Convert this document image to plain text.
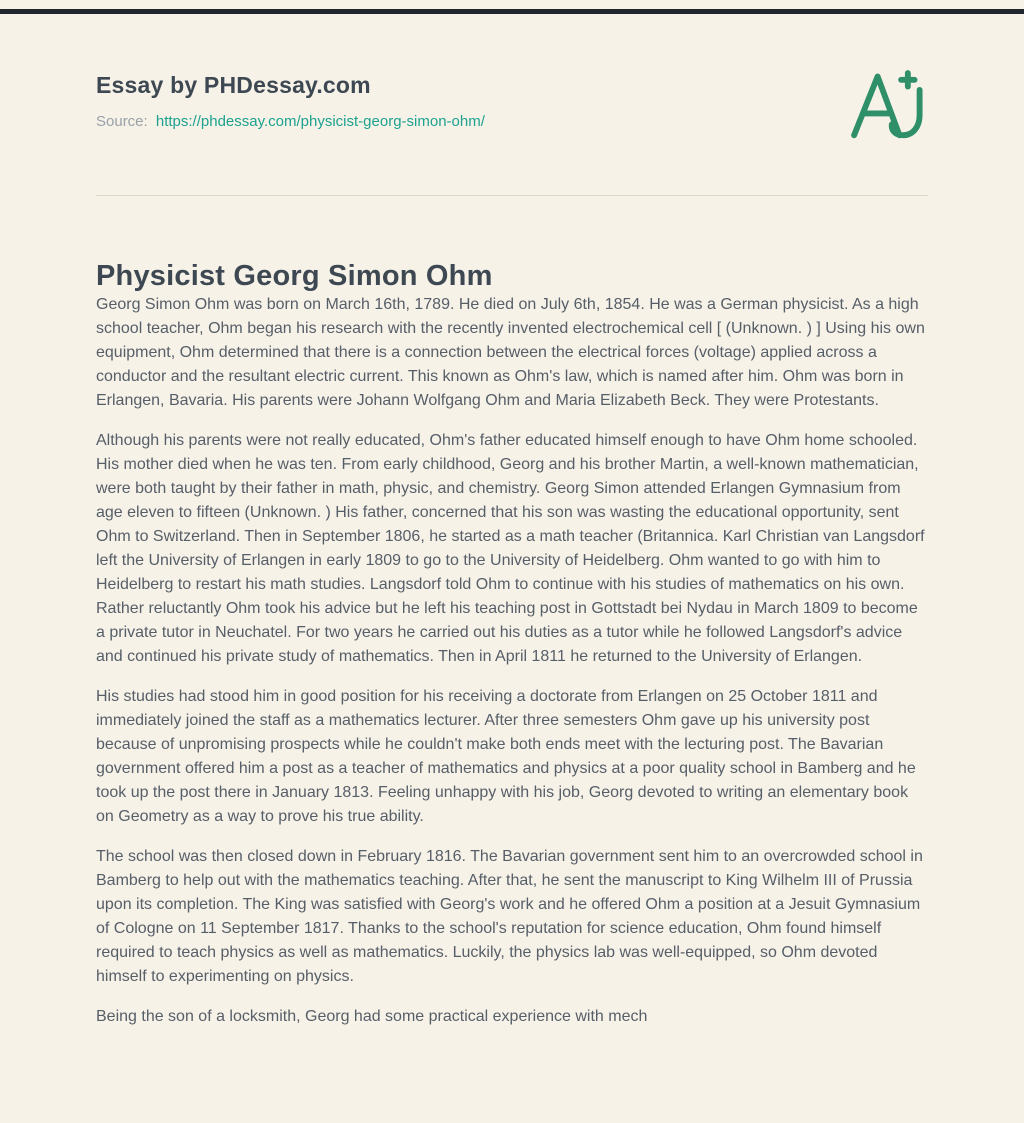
Essay by PHDessay.com

Source: https://phdessay.com/physicist-georg-simon-ohm/

Physicist Georg Simon Ohm

Georg Simon Ohm was born on March 16th, 1789. He died on July 6th, 1854. He was a German physicist. As a high school teacher, Ohm began his research with the recently invented electrochemical cell [ (Unknown. ) ] Using his own equipment, Ohm determined that there is a connection between the electrical forces (voltage) applied across a conductor and the resultant electric current. This known as Ohm's law, which is named after him. Ohm was born in Erlangen, Bavaria. His parents were Johann Wolfgang Ohm and Maria Elizabeth Beck. They were Protestants.

Although his parents were not really educated, Ohm's father educated himself enough to have Ohm home schooled. His mother died when he was ten. From early childhood, Georg and his brother Martin, a well-known mathematician, were both taught by their father in math, physic, and chemistry. Georg Simon attended Erlangen Gymnasium from age eleven to fifteen (Unknown. ) His father, concerned that his son was wasting the educational opportunity, sent Ohm to Switzerland. Then in September 1806, he started as a math teacher (Britannica. Karl Christian van Langsdorf left the University of Erlangen in early 1809 to go to the University of Heidelberg. Ohm wanted to go with him to Heidelberg to restart his math studies. Langsdorf told Ohm to continue with his studies of mathematics on his own. Rather reluctantly Ohm took his advice but he left his teaching post in Gottstadt bei Nydau in March 1809 to become a private tutor in Neuchatel. For two years he carried out his duties as a tutor while he followed Langsdorf's advice and continued his private study of mathematics. Then in April 1811 he returned to the University of Erlangen.

His studies had stood him in good position for his receiving a doctorate from Erlangen on 25 October 1811 and immediately joined the staff as a mathematics lecturer. After three semesters Ohm gave up his university post because of unpromising prospects while he couldn't make both ends meet with the lecturing post. The Bavarian government offered him a post as a teacher of mathematics and physics at a poor quality school in Bamberg and he took up the post there in January 1813. Feeling unhappy with his job, Georg devoted to writing an elementary book on Geometry as a way to prove his true ability.

The school was then closed down in February 1816. The Bavarian government sent him to an overcrowded school in Bamberg to help out with the mathematics teaching. After that, he sent the manuscript to King Wilhelm III of Prussia upon its completion. The King was satisfied with Georg's work and he offered Ohm a position at a Jesuit Gymnasium of Cologne on 11 September 1817. Thanks to the school's reputation for science education, Ohm found himself required to teach physics as well as mathematics. Luckily, the physics lab was well-equipped, so Ohm devoted himself to experimenting on physics.

Being the son of a locksmith, Georg had some practical experience with mech
